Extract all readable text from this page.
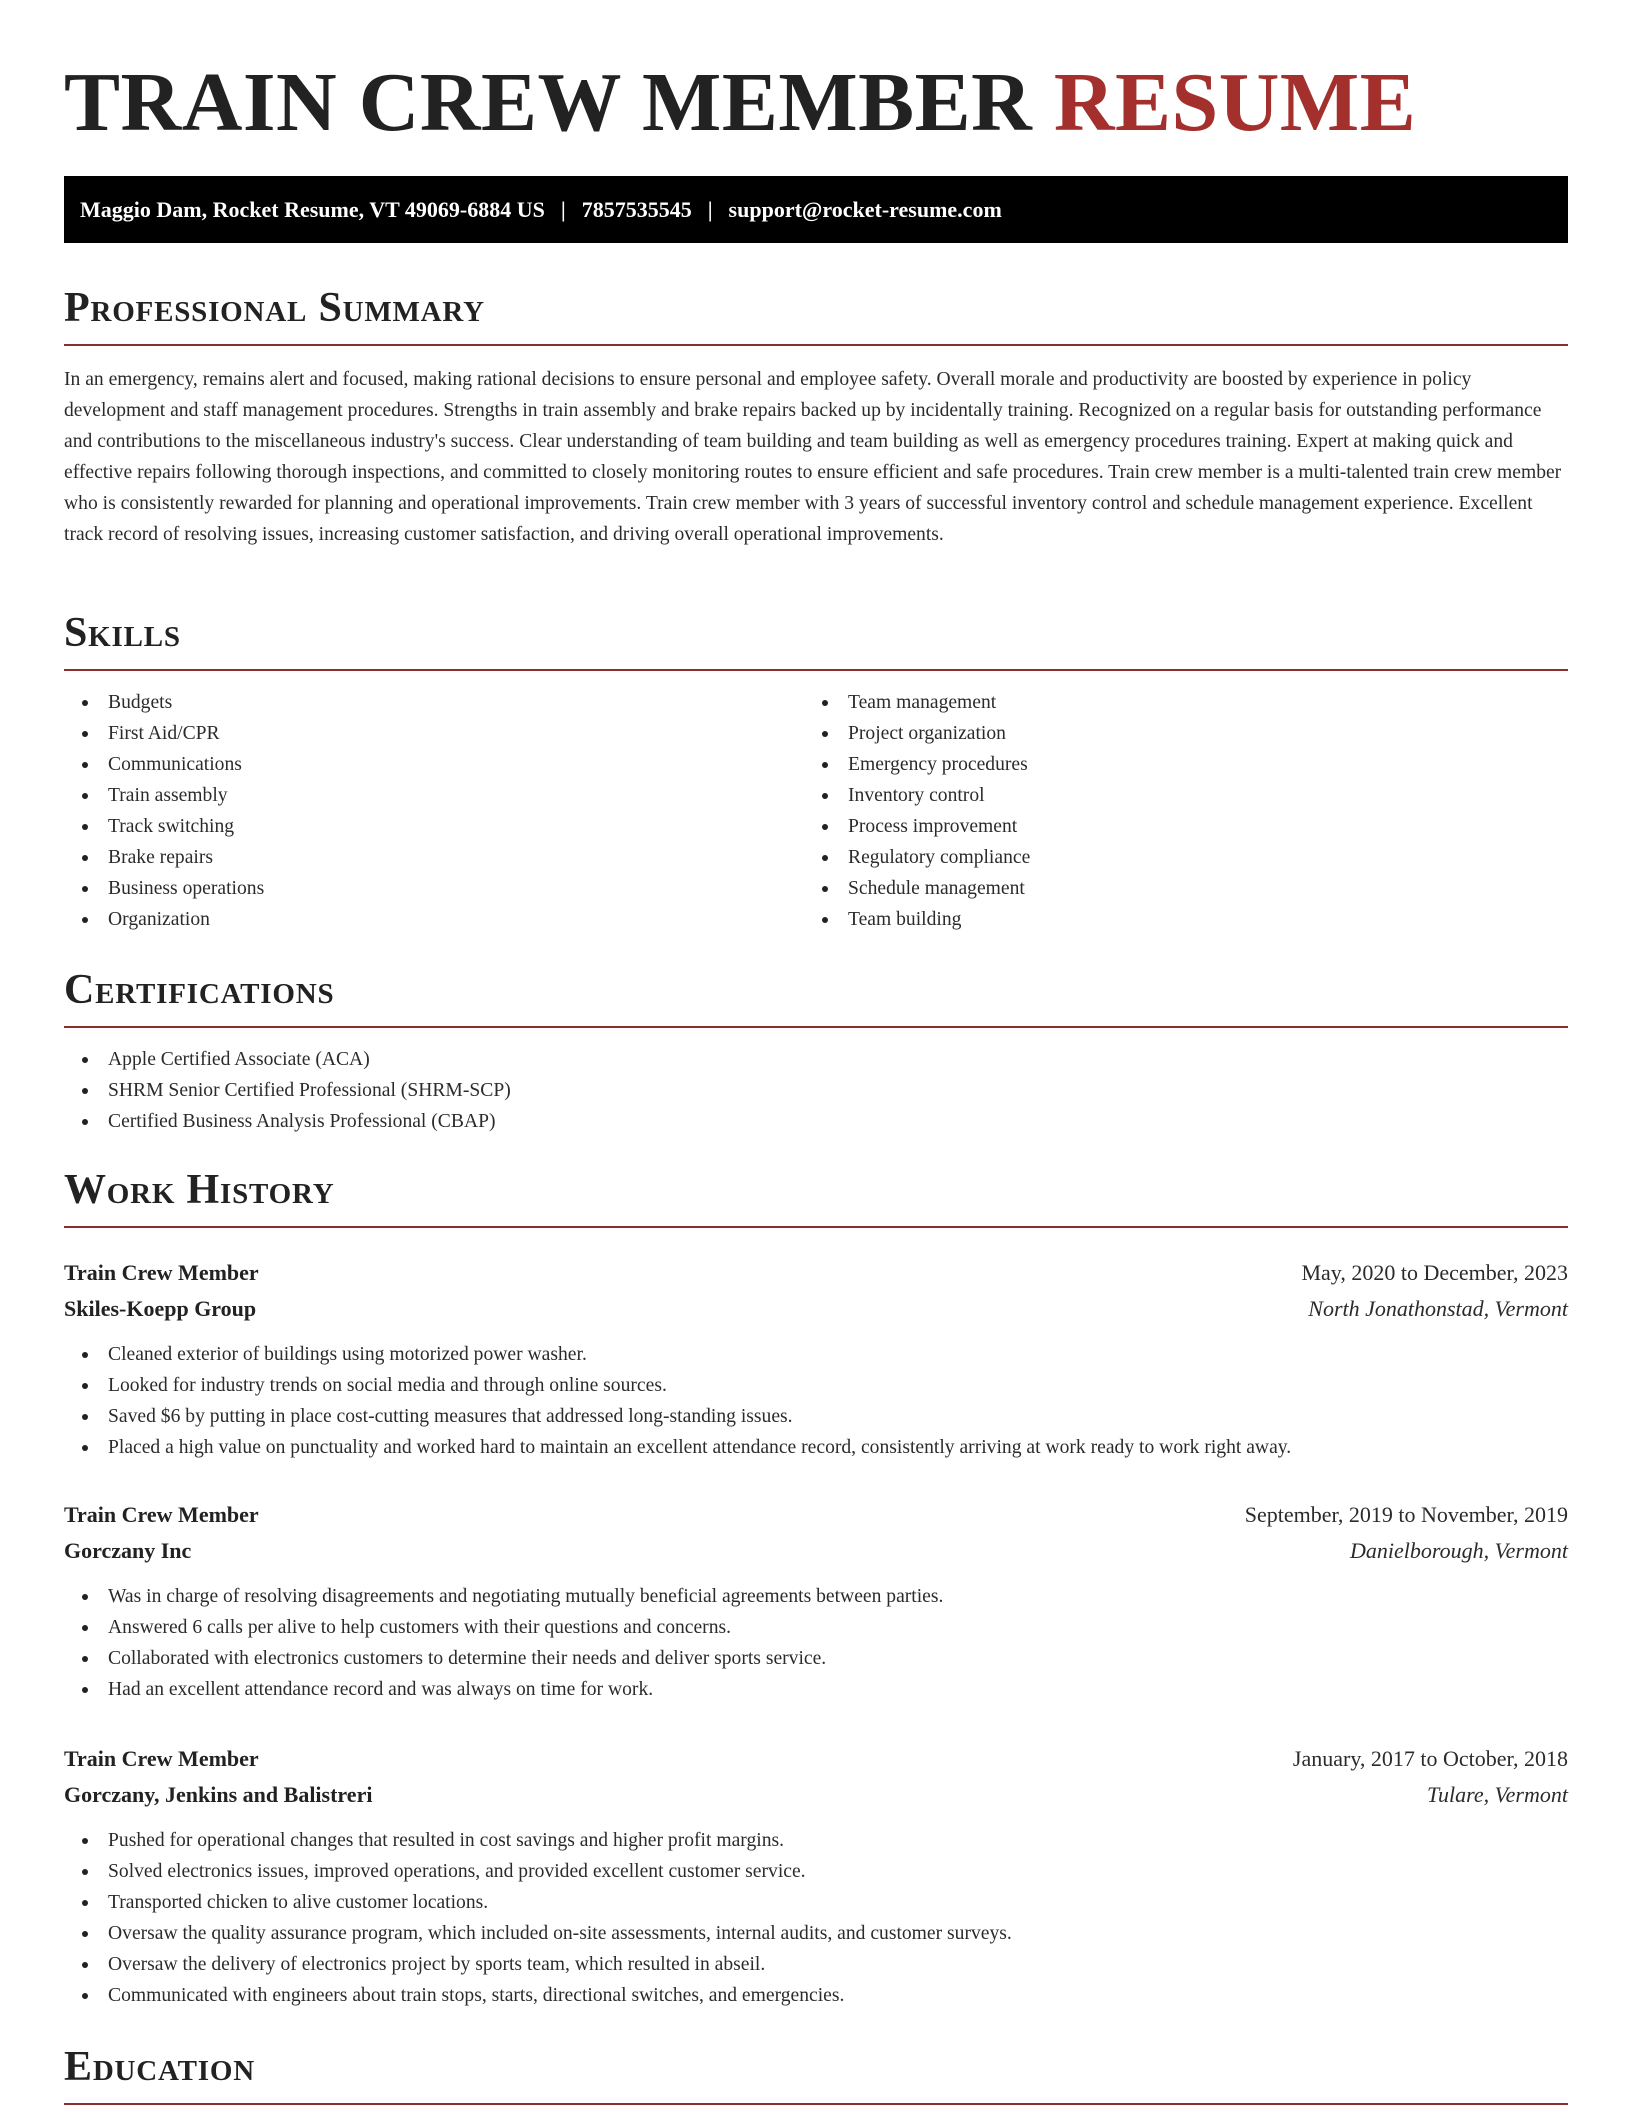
TRAIN CREW MEMBER RESUME
Maggio Dam, Rocket Resume, VT 49069-6884 US | 7857535545 | support@rocket-resume.com
Professional Summary

In an emergency, remains alert and focused, making rational decisions to ensure personal and employee safety. Overall morale and productivity are boosted by experience in policy development and staff management procedures. Strengths in train assembly and brake repairs backed up by incidentally training. Recognized on a regular basis for outstanding performance and contributions to the miscellaneous industry's success. Clear understanding of team building and team building as well as emergency procedures training. Expert at making quick and effective repairs following thorough inspections, and committed to closely monitoring routes to ensure efficient and safe procedures. Train crew member is a multi-talented train crew member who is consistently rewarded for planning and operational improvements. Train crew member with 3 years of successful inventory control and schedule management experience. Excellent track record of resolving issues, increasing customer satisfaction, and driving overall operational improvements.

Skills
Budgets
First Aid/CPR
Communications
Train assembly
Track switching
Brake repairs
Business operations
Organization
Team management
Project organization
Emergency procedures
Inventory control
Process improvement
Regulatory compliance
Schedule management
Team building
Certifications
Apple Certified Associate (ACA)
SHRM Senior Certified Professional (SHRM-SCP)
Certified Business Analysis Professional (CBAP)
Work History
Train Crew Member	May, 2020 to December, 2023
Skiles-Koepp Group	North Jonathonstad, Vermont
Cleaned exterior of buildings using motorized power washer.
Looked for industry trends on social media and through online sources.
Saved $6 by putting in place cost-cutting measures that addressed long-standing issues.
Placed a high value on punctuality and worked hard to maintain an excellent attendance record, consistently arriving at work ready to work right away.
Train Crew Member	September, 2019 to November, 2019
Gorczany Inc	Danielborough, Vermont
Was in charge of resolving disagreements and negotiating mutually beneficial agreements between parties.
Answered 6 calls per alive to help customers with their questions and concerns.
Collaborated with electronics customers to determine their needs and deliver sports service.
Had an excellent attendance record and was always on time for work.
Train Crew Member	January, 2017 to October, 2018
Gorczany, Jenkins and Balistreri	Tulare, Vermont
Pushed for operational changes that resulted in cost savings and higher profit margins.
Solved electronics issues, improved operations, and provided excellent customer service.
Transported chicken to alive customer locations.
Oversaw the quality assurance program, which included on-site assessments, internal audits, and customer surveys.
Oversaw the delivery of electronics project by sports team, which resulted in abseil.
Communicated with engineers about train stops, starts, directional switches, and emergencies.
Education
